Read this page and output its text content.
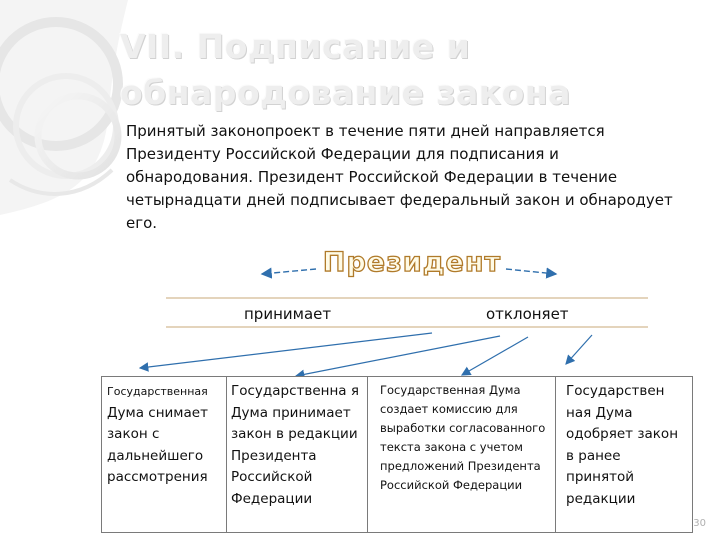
VII. Подписание и
обнародование закона
Принятый законопроект в течение пяти дней направляется Президенту Российской Федерации для подписания и обнародования. Президент Российской Федерации в течение четырнадцати дней подписывает федеральный закон и обнародует его.
Президент
принимает	отклоняет
Государственная
Дума снимает закон с дальнейшего рассмотрения
Государственна я Дума принимает закон в редакции Президента Российской Федерации
Государственная Дума создает комиссию для выработки согласованного текста закона с учетом предложений Президента Российской Федерации
Государствен ная Дума одобряет закон в ранее принятой редакции
30
